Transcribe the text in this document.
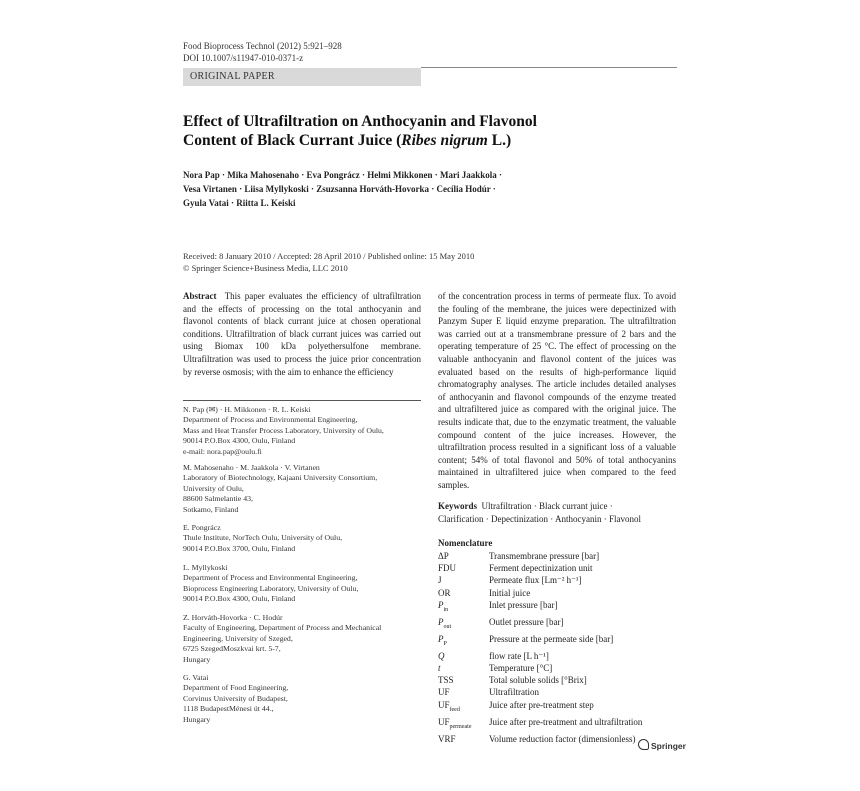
Food Bioprocess Technol (2012) 5:921–928
DOI 10.1007/s11947-010-0371-z
ORIGINAL PAPER
Effect of Ultrafiltration on Anthocyanin and Flavonol
Content of Black Currant Juice (Ribes nigrum L.)
Nora Pap · Mika Mahosenaho · Eva Pongrácz · Helmi Mikkonen · Mari Jaakkola ·
Vesa Virtanen · Liisa Myllykoski · Zsuzsanna Horváth-Hovorka · Cecília Hodúr ·
Gyula Vatai · Riitta L. Keiski
Received: 8 January 2010 / Accepted: 28 April 2010 / Published online: 15 May 2010
© Springer Science+Business Media, LLC 2010
Abstract This paper evaluates the efficiency of ultrafiltration and the effects of processing on the total anthocyanin and flavonol contents of black currant juice at chosen operational conditions. Ultrafiltration of black currant juices was carried out using Biomax 100 kDa polyethersulfone membrane. Ultrafiltration was used to process the juice prior concentration by reverse osmosis; with the aim to enhance the efficiency
of the concentration process in terms of permeate flux. To avoid the fouling of the membrane, the juices were depectinized with Panzym Super E liquid enzyme preparation. The ultrafiltration was carried out at a transmembrane pressure of 2 bars and the operating temperature of 25 °C. The effect of processing on the valuable anthocyanin and flavonol content of the juices was evaluated based on the results of high-performance liquid chromatography analyses. The article includes detailed analyses of anthocyanin and flavonol compounds of the enzyme treated and ultrafiltered juice as compared with the original juice. The results indicate that, due to the enzymatic treatment, the valuable compound content of the juice increases. However, the ultrafiltration process resulted in a significant loss of a valuable content; 54% of total flavonol and 50% of total anthocyanins maintained in ultrafiltered juice when compared to the feed samples.
N. Pap (✉) · H. Mikkonen · R. L. Keiski
Department of Process and Environmental Engineering,
Mass and Heat Transfer Process Laboratory, University of Oulu,
90014 P.O.Box 4300, Oulu, Finland
e-mail: nora.pap@oulu.fi
M. Mahosenaho · M. Jaakkola · V. Virtanen
Laboratory of Biotechnology, Kajaani University Consortium,
University of Oulu,
88600 Salmelantie 43,
Sotkamo, Finland
E. Pongrácz
Thule Institute, NorTech Oulu, University of Oulu,
90014 P.O.Box 3700, Oulu, Finland
L. Myllykoski
Department of Process and Environmental Engineering,
Bioprocess Engineering Laboratory, University of Oulu,
90014 P.O.Box 4300, Oulu, Finland
Z. Horváth-Hovorka · C. Hodúr
Faculty of Engineering, Department of Process and Mechanical
Engineering, University of Szeged,
6725 SzegedMoszkvai krt. 5-7,
Hungary
G. Vatai
Department of Food Engineering,
Corvinus University of Budapest,
1118 BudapestMénesi út 44.,
Hungary
Keywords Ultrafiltration · Black currant juice ·
Clarification · Depectinization · Anthocyanin · Flavonol
Nomenclature
ΔP	Transmembrane pressure [bar]
FDU	Ferment depectinization unit
J	Permeate flux [Lm⁻² h⁻¹]
OR	Initial juice
$P_{in}$	Inlet pressure [bar]
$P_{out}$	Outlet pressure [bar]
$P_P$	Pressure at the permeate side [bar]
Q	flow rate [L h⁻¹]
t	Temperature [°C]
TSS	Total soluble solids [°Brix]
UF	Ultrafiltration
$UF_{feed}$	Juice after pre-treatment step
$UF_{permeate}$	Juice after pre-treatment and ultrafiltration
VRF	Volume reduction factor (dimensionless)
Springer
